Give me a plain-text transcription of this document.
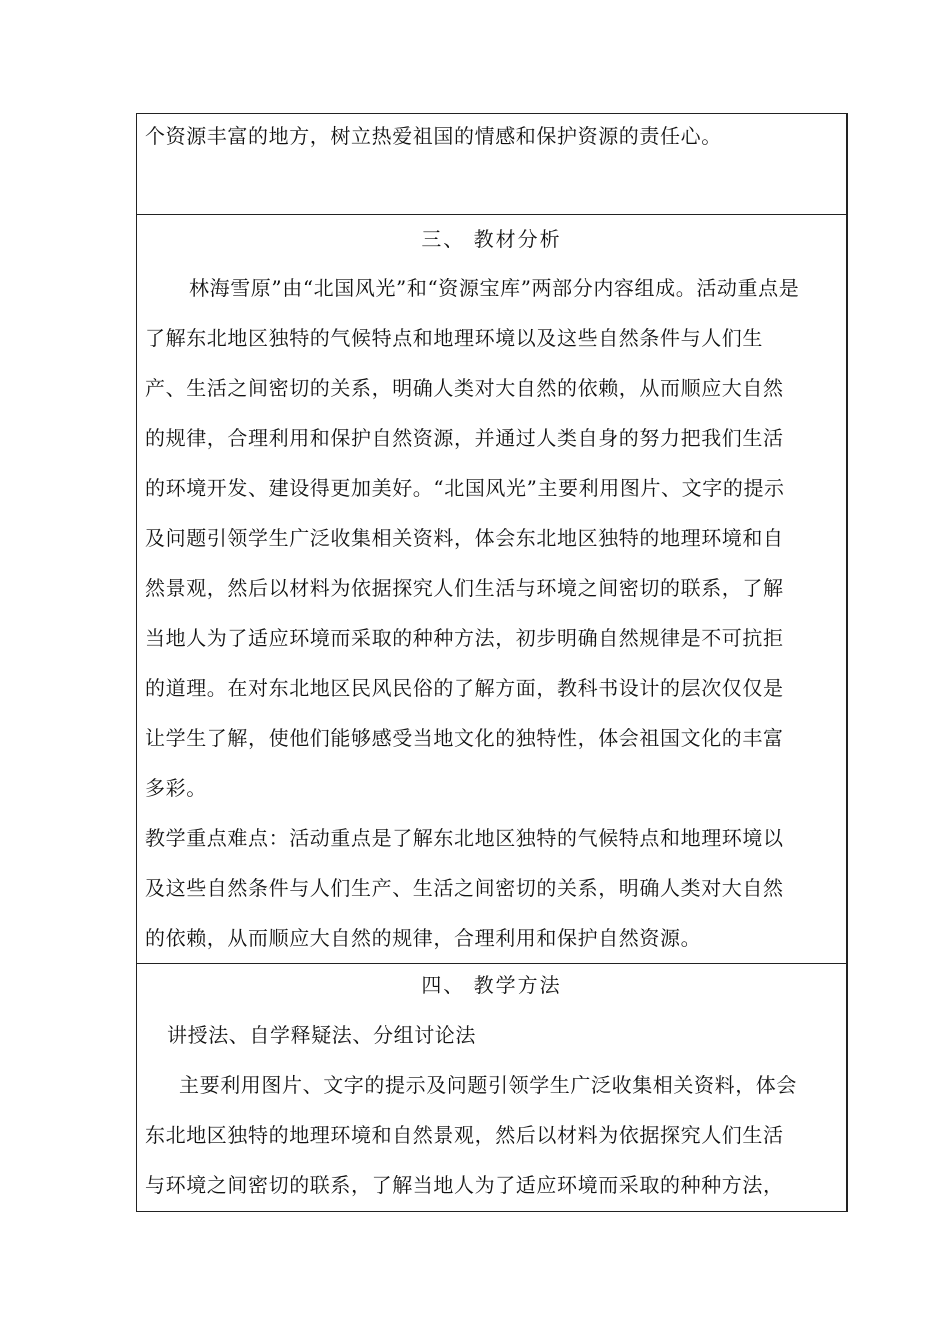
个资源丰富的地方，树立热爱祖国的情感和保护资源的责任心。
三、 教材分析
林海雪原”由“北国风光”和“资源宝库”两部分内容组成。活动重点是
了解东北地区独特的气候特点和地理环境以及这些自然条件与人们生
产、生活之间密切的关系，明确人类对大自然的依赖，从而顺应大自然
的规律，合理利用和保护自然资源，并通过人类自身的努力把我们生活
的环境开发、建设得更加美好。“北国风光”主要利用图片、文字的提示
及问题引领学生广泛收集相关资料，体会东北地区独特的地理环境和自
然景观，然后以材料为依据探究人们生活与环境之间密切的联系，了解
当地人为了适应环境而采取的种种方法，初步明确自然规律是不可抗拒
的道理。在对东北地区民风民俗的了解方面，教科书设计的层次仅仅是
让学生了解，使他们能够感受当地文化的独特性，体会祖国文化的丰富
多彩。
教学重点难点：活动重点是了解东北地区独特的气候特点和地理环境以
及这些自然条件与人们生产、生活之间密切的关系，明确人类对大自然
的依赖，从而顺应大自然的规律，合理利用和保护自然资源。
四、 教学方法
讲授法、自学释疑法、分组讨论法
主要利用图片、文字的提示及问题引领学生广泛收集相关资料，体会
东北地区独特的地理环境和自然景观，然后以材料为依据探究人们生活
与环境之间密切的联系，了解当地人为了适应环境而采取的种种方法，
